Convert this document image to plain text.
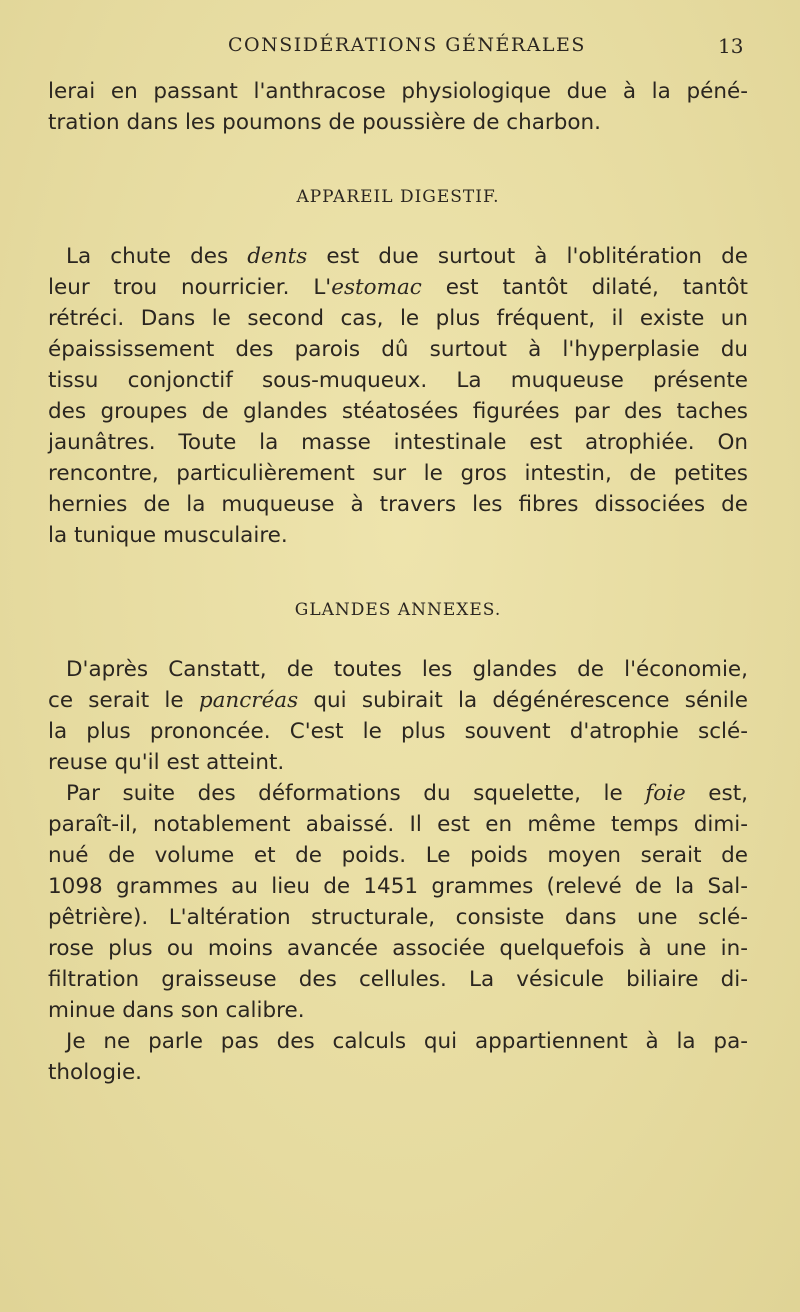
CONSIDÉRATIONS GÉNÉRALES	13
lerai en passant l'anthracose physiologique due à la péné-
tration dans les poumons de poussière de charbon.
APPAREIL DIGESTIF.
La chute des dents est due surtout à l'oblitération de
leur trou nourricier. L'estomac est tantôt dilaté, tantôt
rétréci. Dans le second cas, le plus fréquent, il existe un
épaississement des parois dû surtout à l'hyperplasie du
tissu conjonctif sous-muqueux. La muqueuse présente
des groupes de glandes stéatosées figurées par des taches
jaunâtres. Toute la masse intestinale est atrophiée. On
rencontre, particulièrement sur le gros intestin, de petites
hernies de la muqueuse à travers les fibres dissociées de
la tunique musculaire.
GLANDES ANNEXES.
D'après Canstatt, de toutes les glandes de l'économie,
ce serait le pancréas qui subirait la dégénérescence sénile
la plus prononcée. C'est le plus souvent d'atrophie sclé-
reuse qu'il est atteint.
Par suite des déformations du squelette, le foie est,
paraît-il, notablement abaissé. Il est en même temps dimi-
nué de volume et de poids. Le poids moyen serait de
1098 grammes au lieu de 1451 grammes (relevé de la Sal-
pêtrière). L'altération structurale, consiste dans une sclé-
rose plus ou moins avancée associée quelquefois à une in-
filtration graisseuse des cellules. La vésicule biliaire di-
minue dans son calibre.
Je ne parle pas des calculs qui appartiennent à la pa-
thologie.
